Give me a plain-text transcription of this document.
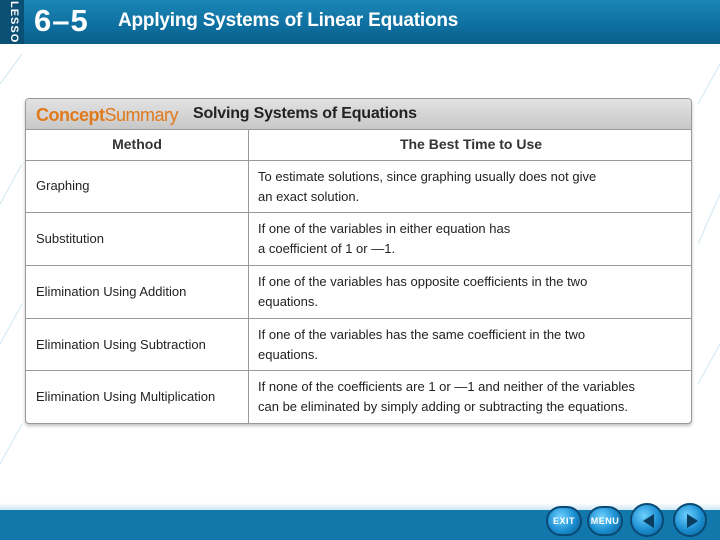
LESSON 6–5 Applying Systems of Linear Equations
ConceptSummary Solving Systems of Equations
Method	The Best Time to Use
Graphing
To estimate solutions, since graphing usually does not give
an exact solution.
Substitution
If one of the variables in either equation has
a coefficient of 1 or —1.
Elimination Using Addition
If one of the variables has opposite coefficients in the two
equations.
Elimination Using Subtraction
If one of the variables has the same coefficient in the two
equations.
Elimination Using Multiplication
If none of the coefficients are 1 or —1 and neither of the variables
can be eliminated by simply adding or subtracting the equations.
EXIT	MENU
